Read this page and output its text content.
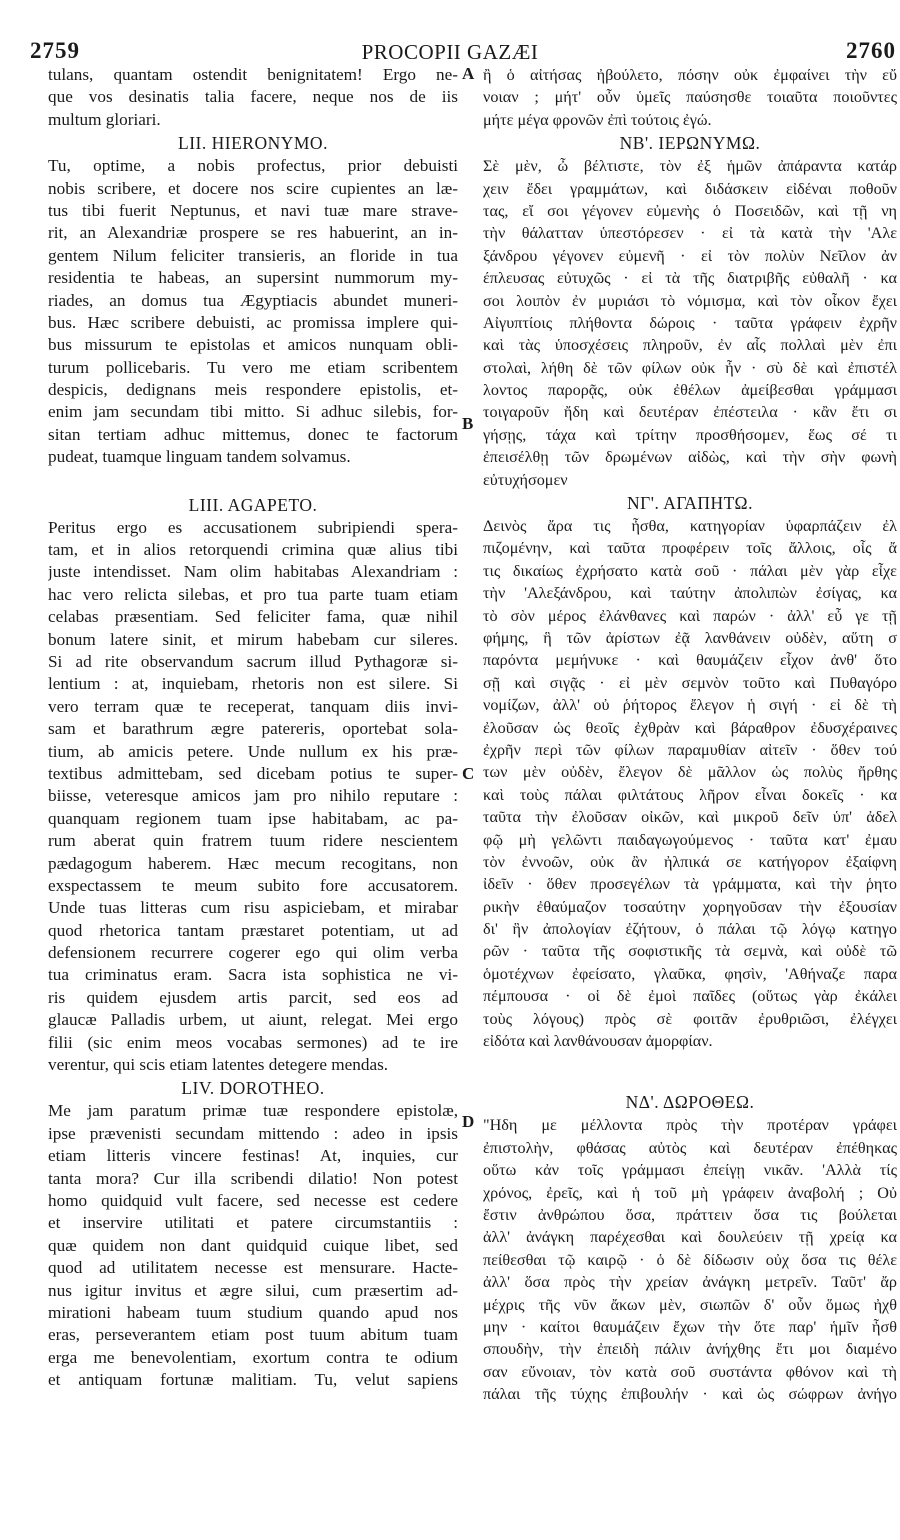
2759	PROCOPII GAZÆI	2760
A
B
C
D
tulans, quantam ostendit benignitatem! Ergo ne-
que vos desinatis talia facere, neque nos de iis
multum gloriari.
LII. HIERONYMO.
Tu, optime, a nobis profectus, prior debuisti
nobis scribere, et docere nos scire cupientes an læ-
tus tibi fuerit Neptunus, et navi tuæ mare strave-
rit, an Alexandriæ prospere se res habuerint, an in-
gentem Nilum feliciter transieris, an floride in tua
residentia te habeas, an supersint nummorum my-
riades, an domus tua Ægyptiacis abundet muneri-
bus. Hæc scribere debuisti, ac promissa implere qui-
bus missurum te epistolas et amicos nunquam obli-
turum pollicebaris. Tu vero me etiam scribentem
despicis, dedignans meis respondere epistolis, et-
enim jam secundam tibi mitto. Si adhuc silebis, for-
sitan tertiam adhuc mittemus, donec te factorum
pudeat, tuamque linguam tandem solvamus.
LIII. AGAPETO.
Peritus ergo es accusationem subripiendi spera-
tam, et in alios retorquendi crimina quæ alius tibi
juste intendisset. Nam olim habitabas Alexandriam :
hac vero relicta silebas, et pro tua parte tuam etiam
celabas præsentiam. Sed feliciter fama, quæ nihil
bonum latere sinit, et mirum habebam cur sileres.
Si ad rite observandum sacrum illud Pythagoræ si-
lentium : at, inquiebam, rhetoris non est silere. Si
vero terram quæ te receperat, tanquam diis invi-
sam et barathrum ægre patereris, oportebat sola-
tium, ab amicis petere. Unde nullum ex his præ-
textibus admittebam, sed dicebam potius te super-
biisse, veteresque amicos jam pro nihilo reputare :
quanquam regionem tuam ipse habitabam, ac pa-
rum aberat quin fratrem tuum ridere nescientem
pædagogum haberem. Hæc mecum recogitans, non
exspectassem te meum subito fore accusatorem.
Unde tuas litteras cum risu aspiciebam, et mirabar
quod rhetorica tantam præstaret potentiam, ut ad
defensionem recurrere cogerer ego qui olim verba
tua criminatus eram. Sacra ista sophistica ne vi-
ris quidem ejusdem artis parcit, sed eos ad
glaucæ Palladis urbem, ut aiunt, relegat. Mei ergo
filii (sic enim meos vocabas sermones) ad te ire
verentur, qui scis etiam latentes detegere mendas.
LIV. DOROTHEO.
Me jam paratum primæ tuæ respondere epistolæ,
ipse prævenisti secundam mittendo : adeo in ipsis
etiam litteris vincere festinas! At, inquies, cur
tanta mora? Cur illa scribendi dilatio! Non potest
homo quidquid vult facere, sed necesse est cedere
et inservire utilitati et patere circumstantiis :
quæ quidem non dant quidquid cuique libet, sed
quod ad utilitatem necesse est mensurare. Hacte-
nus igitur invitus et ægre silui, cum præsertim ad-
mirationi habeam tuum studium quando apud nos
eras, perseverantem etiam post tuum abitum tuam
erga me benevolentiam, exortum contra te odium
et antiquam fortunæ malitiam. Tu, velut sapiens
ἢ ὁ αἰτήσας ἠβούλετο, πόσην οὐκ ἐμφαίνει τὴν εὔ
νοιαν ; μήτ' οὖν ὑμεῖς παύσησθε τοιαῦτα ποιοῦντες
μήτε μέγα φρονῶν ἐπὶ τούτοις ἐγώ.
ΝΒ'. ΙΕΡΩΝΥΜΩ.
Σὲ μὲν, ὦ βέλτιστε, τὸν ἐξ ἡμῶν ἀπάραντα κατάρ
χειν ἔδει γραμμάτων, καὶ διδάσκειν εἰδέναι ποθοῦν
τας, εἴ σοι γέγονεν εὐμενὴς ὁ Ποσειδῶν, καὶ τῇ νη
τὴν θάλατταν ὑπεστόρεσεν · εἰ τὰ κατὰ τὴν 'Αλε
ξάνδρου γέγονεν εὐμενῆ · εἰ τὸν πολὺν Νεῖλον ἀν
έπλευσας εὐτυχῶς · εἰ τὰ τῆς διατριβῆς εὐθαλῆ · κα
σοι λοιπὸν ἐν μυριάσι τὸ νόμισμα, καὶ τὸν οἶκον ἔχει
Αἰγυπτίοις πλήθοντα δώροις · ταῦτα γράφειν ἐχρῆν
καὶ τὰς ὑποσχέσεις πληροῦν, ἐν αἷς πολλαὶ μὲν ἐπι
στολαὶ, λήθη δὲ τῶν φίλων οὐκ ἦν · σὺ δὲ καὶ ἐπιστέλ
λοντος παρορᾷς, οὐκ ἐθέλων ἀμείβεσθαι γράμμασι
τοιγαροῦν ἤδη καὶ δευτέραν ἐπέστειλα · κἂν ἔτι σι
γήσῃς, τάχα καὶ τρίτην προσθήσομεν, ἕως σέ τι
ἐπεισέλθῃ τῶν δρωμένων αἰδὼς, καὶ τὴν σὴν φωνὴ
εὐτυχήσομεν
ΝΓ'. ΑΓΑΠΗΤΩ.
Δεινὸς ἄρα τις ἦσθα, κατηγορίαν ὑφαρπάζειν ἐλ
πιζομένην, καὶ ταῦτα προφέρειν τοῖς ἄλλοις, οἷς ἄ
τις δικαίως ἐχρήσατο κατὰ σοῦ · πάλαι μὲν γὰρ εἶχε
τὴν 'Αλεξάνδρου, καὶ ταύτην ἀπολιπὼν ἐσίγας, κα
τὸ σὸν μέρος ἐλάνθανες καὶ παρών · ἀλλ' εὖ γε τῇ
φήμης, ἣ τῶν ἀρίστων ἐᾷ λανθάνειν οὐδὲν, αὕτη σ
παρόντα μεμήνυκε · καὶ θαυμάζειν εἶχον ἀνθ' ὅτο
σῇ καὶ σιγᾷς · εἰ μὲν σεμνὸν τοῦτο καὶ Πυθαγόρο
νομίζων, ἀλλ' οὐ ῥήτορος ἔλεγον ἡ σιγή · εἰ δὲ τὴ
ἐλοῦσαν ὡς θεοῖς ἐχθρὰν καὶ βάραθρον ἐδυσχέραινες
ἐχρῆν περὶ τῶν φίλων παραμυθίαν αἰτεῖν · ὅθεν τού
των μὲν οὐδὲν, ἔλεγον δὲ μᾶλλον ὡς πολὺς ἤρθης
καὶ τοὺς πάλαι φιλτάτους λῆρον εἶναι δοκεῖς · κα
ταῦτα τὴν ἐλοῦσαν οἰκῶν, καὶ μικροῦ δεῖν ὑπ' ἀδελ
φῷ μὴ γελῶντι παιδαγωγούμενος · ταῦτα κατ' ἐμαυ
τὸν ἐννοῶν, οὐκ ἂν ἠλπικά σε κατήγορον ἐξαίφνη
ἰδεῖν · ὅθεν προσεγέλων τὰ γράμματα, καὶ τὴν ῥητο
ρικὴν ἐθαύμαζον τοσαύτην χορηγοῦσαν τὴν ἐξουσίαν
δι' ἣν ἀπολογίαν ἐζήτουν, ὁ πάλαι τῷ λόγῳ κατηγο
ρῶν · ταῦτα τῆς σοφιστικῆς τὰ σεμνὰ, καὶ οὐδὲ τῶ
ὁμοτέχνων ἐφείσατο, γλαῦκα, φησὶν, 'Αθήναζε παρα
πέμπουσα · οἱ δὲ ἐμοὶ παῖδες (οὕτως γὰρ ἐκάλει
τοὺς λόγους) πρὸς σὲ φοιτᾶν ἐρυθριῶσι, ἐλέγχει
εἰδότα καὶ λανθάνουσαν ἀμορφίαν.
ΝΔ'. ΔΩΡΟΘΕΩ.
"Ηδη με μέλλοντα πρὸς τὴν προτέραν γράφει
ἐπιστολὴν, φθάσας αὐτὸς καὶ δευτέραν ἐπέθηκας
οὕτω κἀν τοῖς γράμμασι ἐπείγῃ νικᾶν. 'Αλλὰ τίς
χρόνος, ἐρεῖς, καὶ ἡ τοῦ μὴ γράφειν ἀναβολή ; Οὐ
ἔστιν ἀνθρώπου ὅσα, πράττειν ὅσα τις βούλεται
ἀλλ' ἀνάγκη παρέχεσθαι καὶ δουλεύειν τῇ χρείᾳ κα
πείθεσθαι τῷ καιρῷ · ὁ δὲ δίδωσιν οὐχ ὅσα τις θέλε
ἀλλ' ὅσα πρὸς τὴν χρείαν ἀνάγκη μετρεῖν. Ταῦτ' ἄρ
μέχρις τῆς νῦν ἄκων μὲν, σιωπῶν δ' οὖν ὅμως ἠχθ
μην · καίτοι θαυμάζειν ἔχων τὴν ὅτε παρ' ἡμῖν ἦσθ
σπουδὴν, τὴν ἐπειδὴ πάλιν ἀνήχθης ἔτι μοι διαμένο
σαν εὔνοιαν, τὸν κατὰ σοῦ συστάντα φθόνον καὶ τὴ
πάλαι τῆς τύχης ἐπιβουλήν · καὶ ὡς σώφρων ἀνήγο
